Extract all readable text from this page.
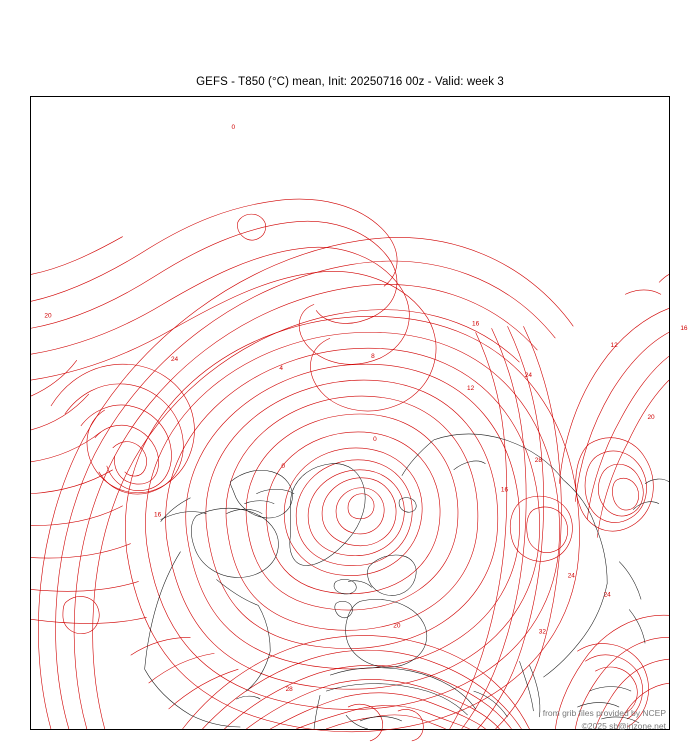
GEFS - T850 (°C) mean, Init: 20250716 00z - Valid: week 3
8
16
12
16
12
20
24
4
24
0
20
0
28
16
16
24
24
20
32
28
0
from grib files provided by NCEP
©2025 sb@irizone.net
